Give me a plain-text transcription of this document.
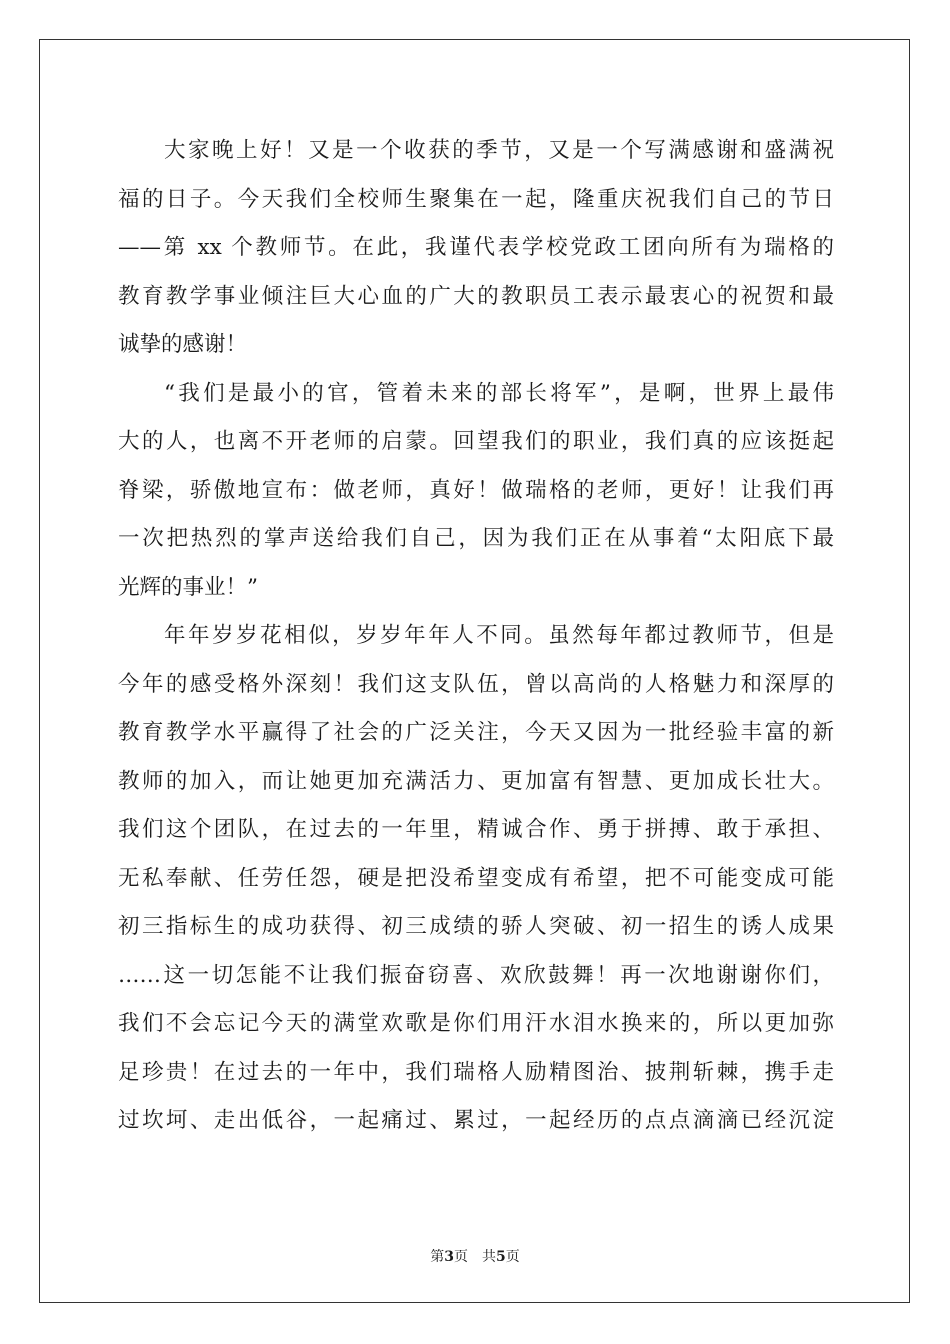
大家晚上好！又是一个收获的季节，又是一个写满感谢和盛满祝
福的日子。今天我们全校师生聚集在一起，隆重庆祝我们自己的节日
——第 xx 个教师节。在此，我谨代表学校党政工团向所有为瑞格的
教育教学事业倾注巨大心血的广大的教职员工表示最衷心的祝贺和最
诚挚的感谢！
“我们是最小的官，管着未来的部长将军”，是啊，世界上最伟
大的人，也离不开老师的启蒙。回望我们的职业，我们真的应该挺起
脊梁，骄傲地宣布：做老师，真好！做瑞格的老师，更好！让我们再
一次把热烈的掌声送给我们自己，因为我们正在从事着“太阳底下最
光辉的事业！”
年年岁岁花相似，岁岁年年人不同。虽然每年都过教师节，但是
今年的感受格外深刻！我们这支队伍，曾以高尚的人格魅力和深厚的
教育教学水平赢得了社会的广泛关注，今天又因为一批经验丰富的新
教师的加入，而让她更加充满活力、更加富有智慧、更加成长壮大。
我们这个团队，在过去的一年里，精诚合作、勇于拼搏、敢于承担、
无私奉献、任劳任怨，硬是把没希望变成有希望，把不可能变成可能
初三指标生的成功获得、初三成绩的骄人突破、初一招生的诱人成果
……这一切怎能不让我们振奋窃喜、欢欣鼓舞！再一次地谢谢你们，
我们不会忘记今天的满堂欢歌是你们用汗水泪水换来的，所以更加弥
足珍贵！在过去的一年中，我们瑞格人励精图治、披荆斩棘，携手走
过坎坷、走出低谷，一起痛过、累过，一起经历的点点滴滴已经沉淀
第3页 共5页
